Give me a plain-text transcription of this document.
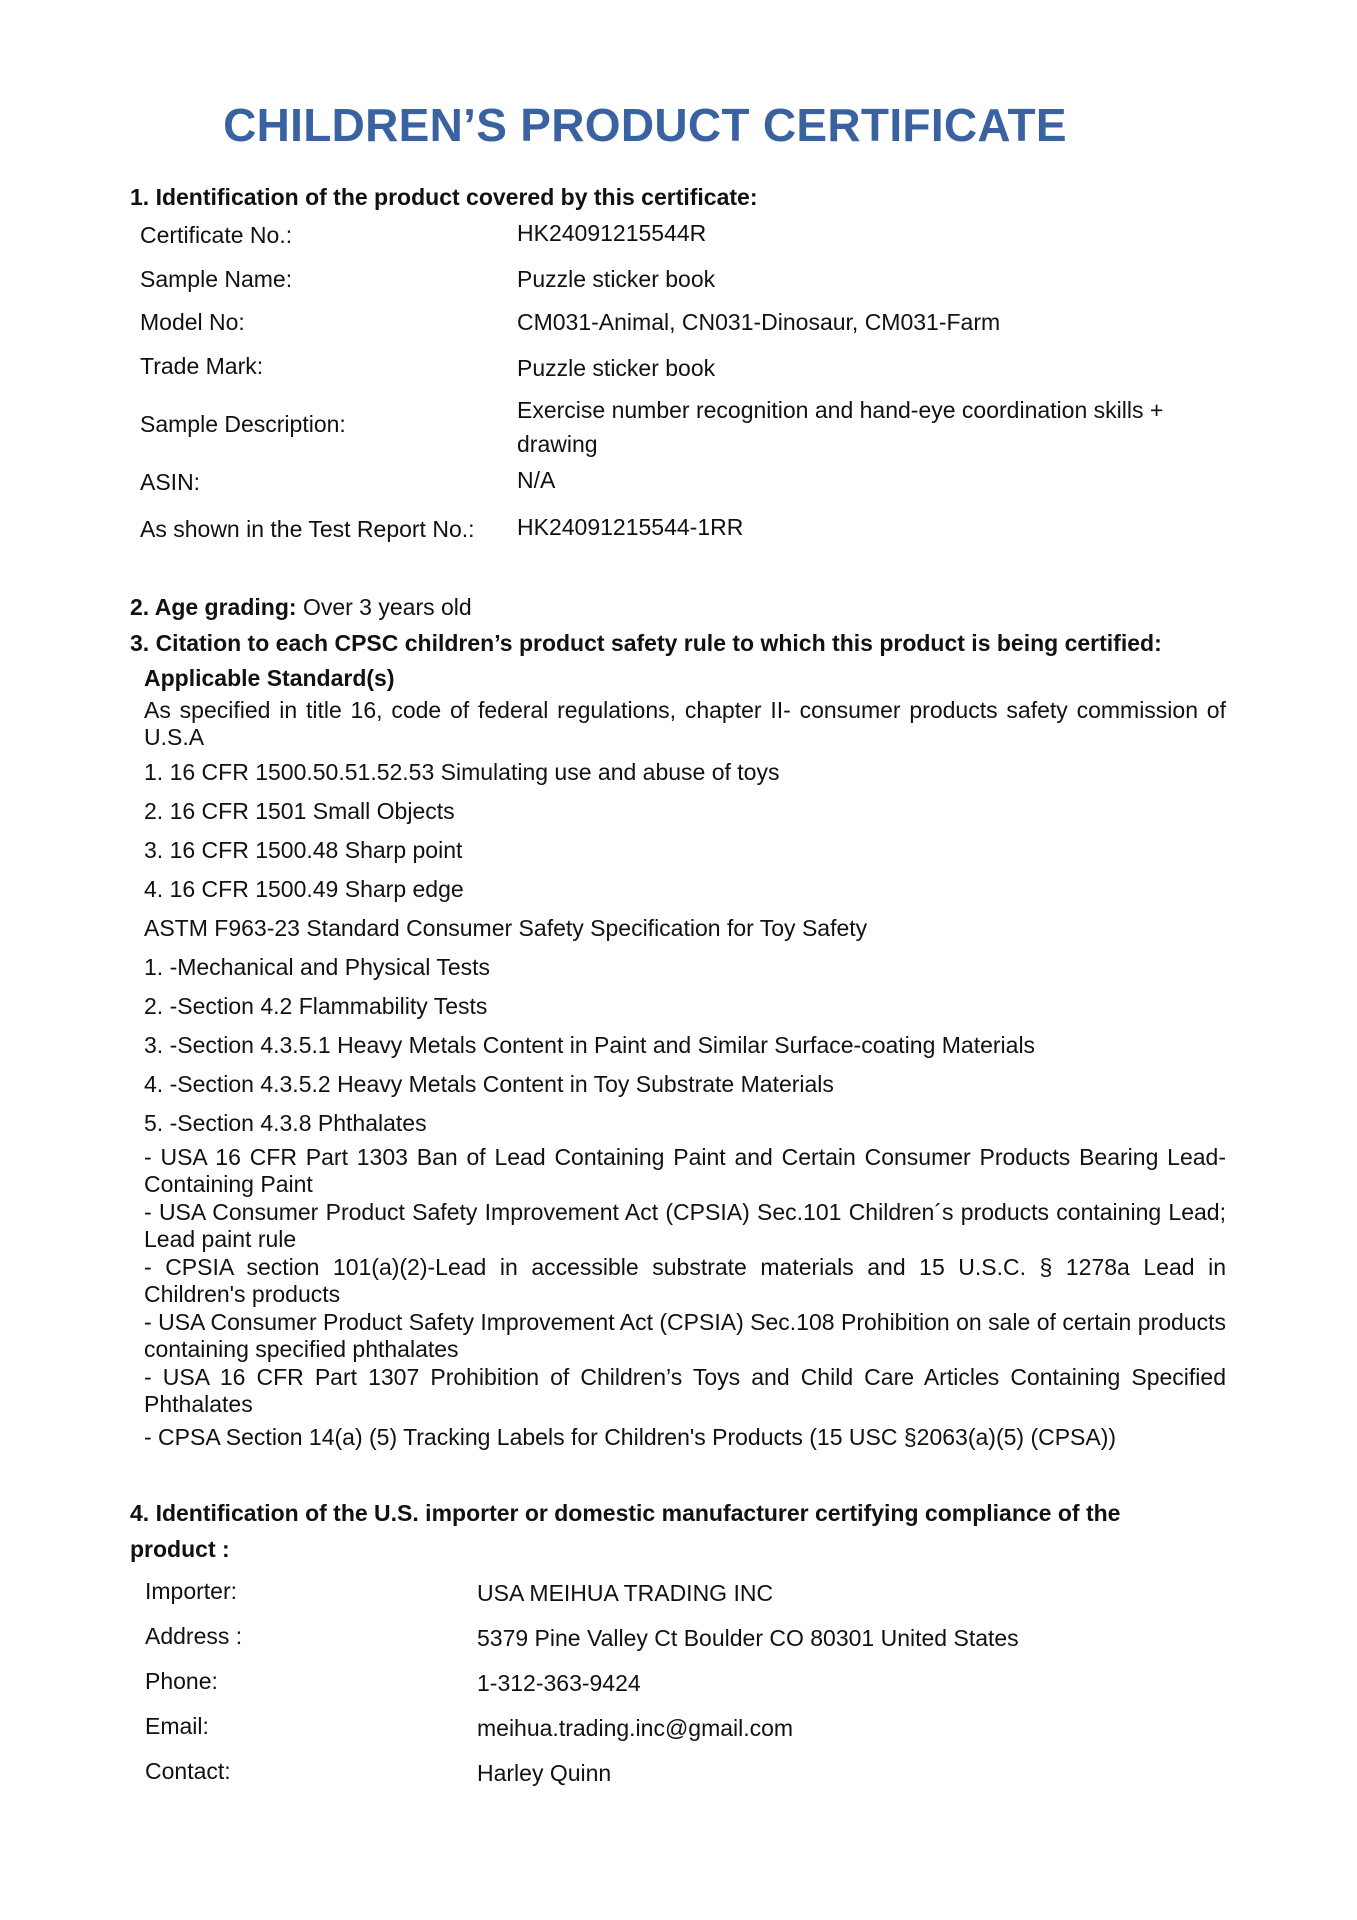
CHILDREN’S PRODUCT CERTIFICATE

1. Identification of the product covered by this certificate:

Certificate No.:	HK24091215544R
Sample Name:	Puzzle sticker book
Model No:	CM031-Animal, CN031-Dinosaur, CM031-Farm
Trade Mark:	Puzzle sticker book
Sample Description:
Exercise number recognition and hand-eye coordination skills + drawing
ASIN:	N/A
As shown in the Test Report No.: HK24091215544-1RR
2. Age grading: Over 3 years old

3. Citation to each CPSC children’s product safety rule to which this product is being certified:

Applicable Standard(s)
As specified in title 16, code of federal regulations, chapter II- consumer products safety commission of U.S.A
1. 16 CFR 1500.50.51.52.53 Simulating use and abuse of toys
2. 16 CFR 1501 Small Objects
3. 16 CFR 1500.48 Sharp point
4. 16 CFR 1500.49 Sharp edge
ASTM F963-23 Standard Consumer Safety Specification for Toy Safety
1. -Mechanical and Physical Tests
2. -Section 4.2 Flammability Tests
3. -Section 4.3.5.1 Heavy Metals Content in Paint and Similar Surface-coating Materials
4. -Section 4.3.5.2 Heavy Metals Content in Toy Substrate Materials
5. -Section 4.3.8 Phthalates
- USA 16 CFR Part 1303 Ban of Lead Containing Paint and Certain Consumer Products Bearing Lead- Containing Paint
- USA Consumer Product Safety Improvement Act (CPSIA) Sec.101 Children´s products containing Lead; Lead paint rule
- CPSIA section 101(a)(2)-Lead in accessible substrate materials and 15 U.S.C. § 1278a Lead in Children's products
- USA Consumer Product Safety Improvement Act (CPSIA) Sec.108 Prohibition on sale of certain products containing specified phthalates
- USA 16 CFR Part 1307 Prohibition of Children’s Toys and Child Care Articles Containing Specified Phthalates
- CPSA Section 14(a) (5) Tracking Labels for Children's Products (15 USC §2063(a)(5) (CPSA))

4. Identification of the U.S. importer or domestic manufacturer certifying compliance of the

product :

Importer:	USA MEIHUA TRADING INC
Address :	5379 Pine Valley Ct Boulder CO 80301 United States
Phone:	1-312-363-9424
Email:	meihua.trading.inc@gmail.com
Contact:	Harley Quinn
